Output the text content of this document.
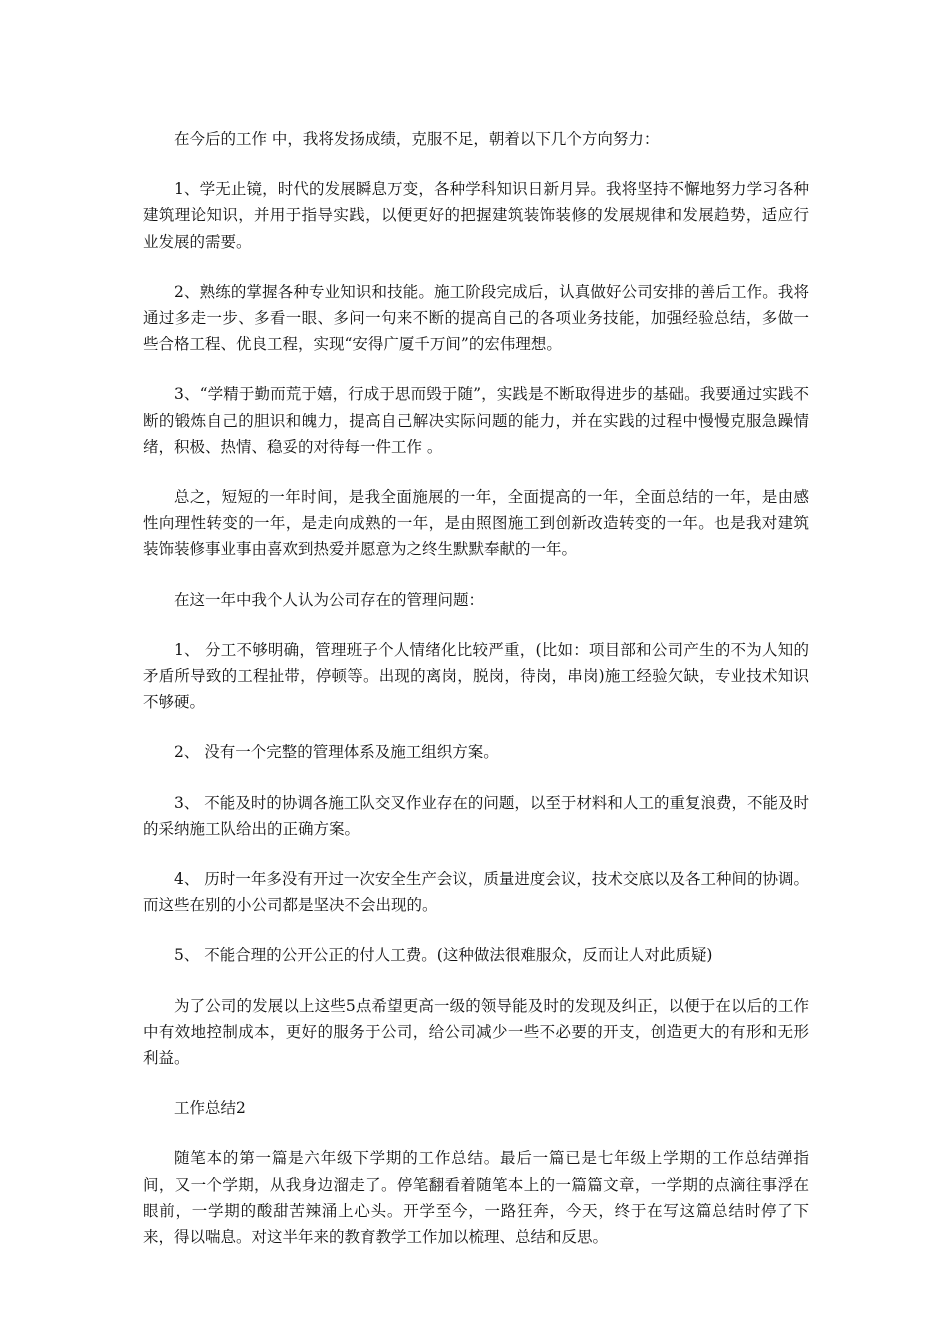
在今后的工作 中，我将发扬成绩，克服不足，朝着以下几个方向努力：

1、学无止镜，时代的发展瞬息万变，各种学科知识日新月异。我将坚持不懈地努力学习各种建筑理论知识，并用于指导实践，以便更好的把握建筑装饰装修的发展规律和发展趋势，适应行业发展的需要。

2、熟练的掌握各种专业知识和技能。施工阶段完成后，认真做好公司安排的善后工作。我将通过多走一步、多看一眼、多问一句来不断的提高自己的各项业务技能，加强经验总结，多做一些合格工程、优良工程，实现“安得广厦千万间”的宏伟理想。

3、“学精于勤而荒于嬉，行成于思而毁于随”，实践是不断取得进步的基础。我要通过实践不断的锻炼自己的胆识和魄力，提高自己解决实际问题的能力，并在实践的过程中慢慢克服急躁情绪，积极、热情、稳妥的对待每一件工作 。

总之，短短的一年时间，是我全面施展的一年，全面提高的一年，全面总结的一年，是由感性向理性转变的一年，是走向成熟的一年，是由照图施工到创新改造转变的一年。也是我对建筑装饰装修事业事由喜欢到热爱并愿意为之终生默默奉献的一年。

在这一年中我个人认为公司存在的管理问题：

1、 分工不够明确，管理班子个人情绪化比较严重，(比如：项目部和公司产生的不为人知的矛盾所导致的工程扯带，停顿等。出现的离岗，脱岗，待岗，串岗)施工经验欠缺，专业技术知识不够硬。

2、 没有一个完整的管理体系及施工组织方案。

3、 不能及时的协调各施工队交叉作业存在的问题，以至于材料和人工的重复浪费，不能及时的采纳施工队给出的正确方案。

4、 历时一年多没有开过一次安全生产会议，质量进度会议，技术交底以及各工种间的协调。而这些在别的小公司都是坚决不会出现的。

5、 不能合理的公开公正的付人工费。(这种做法很难服众，反而让人对此质疑)

为了公司的发展以上这些5点希望更高一级的领导能及时的发现及纠正，以便于在以后的工作中有效地控制成本，更好的服务于公司，给公司减少一些不必要的开支，创造更大的有形和无形利益。

工作总结2

随笔本的第一篇是六年级下学期的工作总结。最后一篇已是七年级上学期的工作总结弹指间，又一个学期，从我身边溜走了。停笔翻看着随笔本上的一篇篇文章，一学期的点滴往事浮在眼前，一学期的酸甜苦辣涌上心头。开学至今，一路狂奔，今天，终于在写这篇总结时停了下来，得以喘息。对这半年来的教育教学工作加以梳理、总结和反思。
